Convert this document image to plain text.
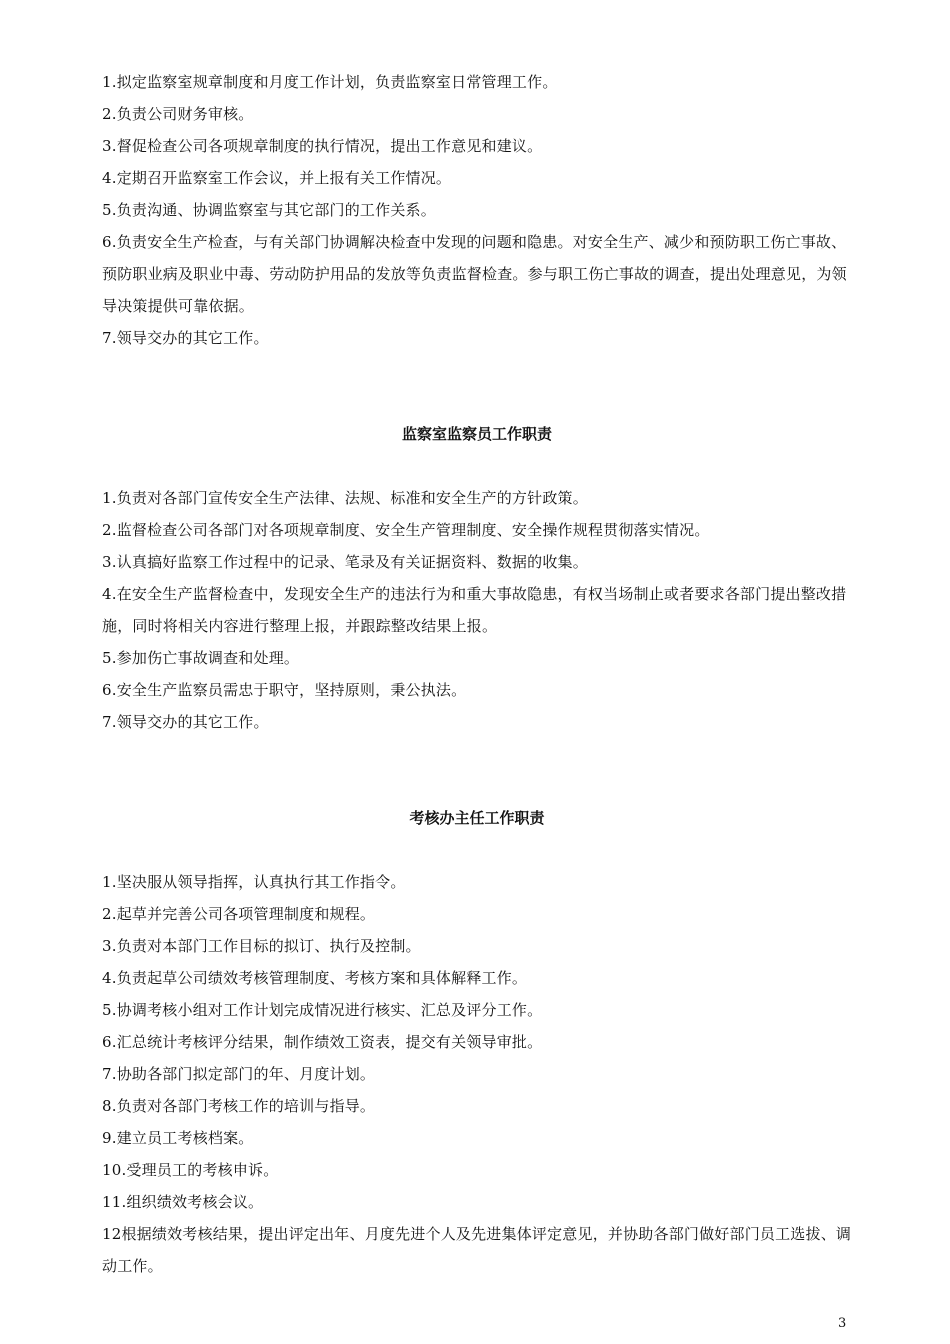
1.拟定监察室规章制度和月度工作计划，负责监察室日常管理工作。

2.负责公司财务审核。

3.督促检查公司各项规章制度的执行情况，提出工作意见和建议。

4.定期召开监察室工作会议，并上报有关工作情况。

5.负责沟通、协调监察室与其它部门的工作关系。

6.负责安全生产检查，与有关部门协调解决检查中发现的问题和隐患。对安全生产、减少和预防职工伤亡事故、预防职业病及职业中毒、劳动防护用品的发放等负责监督检查。参与职工伤亡事故的调查，提出处理意见，为领导决策提供可靠依据。

7.领导交办的其它工作。

监察室监察员工作职责

1.负责对各部门宣传安全生产法律、法规、标准和安全生产的方针政策。

2.监督检查公司各部门对各项规章制度、安全生产管理制度、安全操作规程贯彻落实情况。

3.认真搞好监察工作过程中的记录、笔录及有关证据资料、数据的收集。

4.在安全生产监督检查中，发现安全生产的违法行为和重大事故隐患，有权当场制止或者要求各部门提出整改措施，同时将相关内容进行整理上报，并跟踪整改结果上报。

5.参加伤亡事故调查和处理。

6.安全生产监察员需忠于职守，坚持原则，秉公执法。

7.领导交办的其它工作。

考核办主任工作职责

1.坚决服从领导指挥，认真执行其工作指令。

2.起草并完善公司各项管理制度和规程。

3.负责对本部门工作目标的拟订、执行及控制。

4.负责起草公司绩效考核管理制度、考核方案和具体解释工作。

5.协调考核小组对工作计划完成情况进行核实、汇总及评分工作。

6.汇总统计考核评分结果，制作绩效工资表，提交有关领导审批。

7.协助各部门拟定部门的年、月度计划。

8.负责对各部门考核工作的培训与指导。

9.建立员工考核档案。

10.受理员工的考核申诉。

11.组织绩效考核会议。

12根据绩效考核结果，提出评定出年、月度先进个人及先进集体评定意见，并协助各部门做好部门员工选拔、调动工作。

3
